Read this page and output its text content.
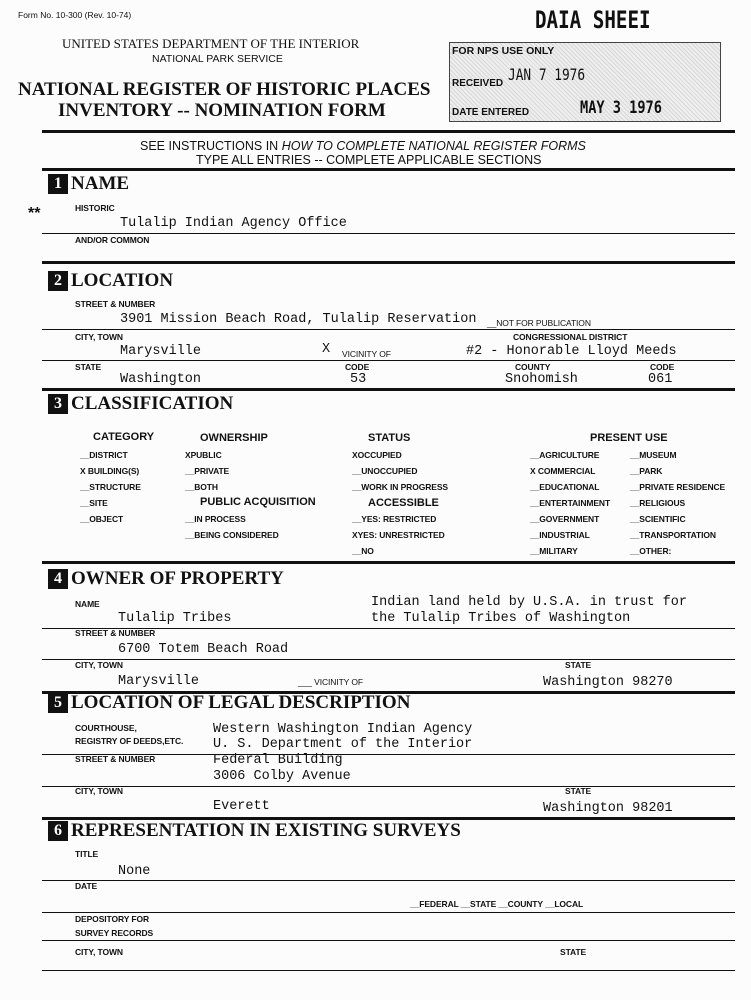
Form No. 10-300 (Rev. 10-74)	DAIA SHEEI
UNITED STATES DEPARTMENT OF THE INTERIOR
NATIONAL PARK SERVICE
NATIONAL REGISTER OF HISTORIC PLACES
INVENTORY -- NOMINATION FORM
FOR NPS USE ONLY
RECEIVED JAN 7 1976
DATE ENTERED	MAY 3 1976
SEE INSTRUCTIONS IN HOW TO COMPLETE NATIONAL REGISTER FORMS
TYPE ALL ENTRIES -- COMPLETE APPLICABLE SECTIONS
1 NAME
**	HISTORIC
Tulalip Indian Agency Office
AND/OR COMMON
2 LOCATION
STREET & NUMBER
3901 Mission Beach Road, Tulalip Reservation __NOT FOR PUBLICATION
CITY, TOWN	CONGRESSIONAL DISTRICT
Marysville	X VICINITY OF	#2 - Honorable Lloyd Meeds
STATE	CODE	COUNTY	CODE
Washington	53	Snohomish	061
3 CLASSIFICATION
4 OWNER OF PROPERTY
NAME
Tulalip Tribes
Indian land held by U.S.A. in trust for
the Tulalip Tribes of Washington
STREET & NUMBER
6700 Totem Beach Road
CITY, TOWN	STATE
Marysville	___ VICINITY OF	Washington 98270
5 LOCATION OF LEGAL DESCRIPTION
COURTHOUSE,
REGISTRY OF DEEDS,ETC.
Western Washington Indian Agency
U. S. Department of the Interior
STREET & NUMBER	Federal Building
3006 Colby Avenue
CITY, TOWN	STATE
Everett	Washington 98201
6 REPRESENTATION IN EXISTING SURVEYS
TITLE
None
DATE
__FEDERAL __STATE __COUNTY __LOCAL
DEPOSITORY FOR
SURVEY RECORDS
CITY, TOWN	STATE
CATEGORY
__DISTRICT
X BUILDING(S)
__STRUCTURE
__SITE
__OBJECT
OWNERSHIP
XPUBLIC
__PRIVATE
__BOTH
PUBLIC ACQUISITION
__IN PROCESS
__BEING CONSIDERED
STATUS
XOCCUPIED
__UNOCCUPIED
__WORK IN PROGRESS
ACCESSIBLE
__YES: RESTRICTED
XYES: UNRESTRICTED
__NO
PRESENT USE
__AGRICULTURE
X COMMERCIAL
__EDUCATIONAL
__ENTERTAINMENT
__GOVERNMENT
__INDUSTRIAL
__MILITARY
__MUSEUM
__PARK
__PRIVATE RESIDENCE
__RELIGIOUS
__SCIENTIFIC
__TRANSPORTATION
__OTHER:
